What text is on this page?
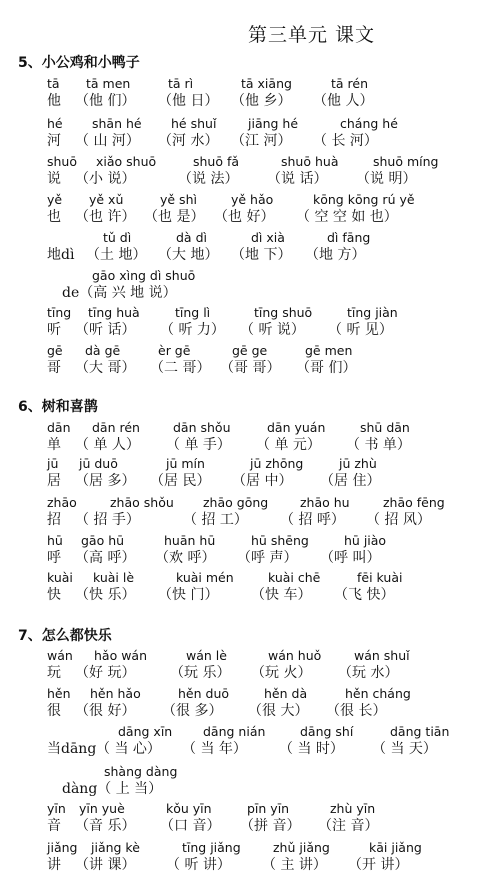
第三单元 课文
5、小公鸡和小鸭子
6、树和喜鹊
7、怎么都快乐
tā
他
tā men
（他 们）
tā rì
（他 日）
tā xiāng
（他 乡）
tā rén
（他 人）
hé
河
shān hé
（ 山 河）
hé shuǐ
（河 水）
jiāng hé
（江 河）
cháng hé
（ 长 河）
shuō
说
xiǎo shuō
（小 说）
shuō fǎ
（说 法）
shuō huà
（说 话）
shuō míng
（说 明）
yě
也
yě xǔ
（也 许）
yě shì
（也 是）
yě hǎo
（也 好）
kōng kōng rú yě
（ 空 空 如 也）
地dì
tǔ dì
（土 地）
dà dì
（大 地）
dì xià
（地 下）
dì fāng
（地 方）
gāo xìng dì shuō
de（高 兴 地 说）
tīng
听
tīng huà
（听 话）
tīng lì
（ 听 力）
tīng shuō
（ 听 说）
tīng jiàn
（ 听 见）
gē
哥
dà gē
（大 哥）
èr gē
（二 哥）
gē ge
（哥 哥）
gē men
（哥 们）
dān
单
dān rén
（ 单 人）
dān shǒu
（ 单 手）
dān yuán
（ 单 元）
shū dān
（ 书 单）
jū
居
jū duō
（居 多）
jū mín
（居 民）
jū zhōng
（居 中）
jū zhù
（居 住）
zhāo
招
zhāo shǒu
（ 招 手）
zhāo gōng
（ 招 工）
zhāo hu
（ 招 呼）
zhāo fēng
（ 招 风）
hū
呼
gāo hū
（高 呼）
huān hū
（欢 呼）
hū shēng
（呼 声）
hū jiào
（呼 叫）
kuài
快
kuài lè
（快 乐）
kuài mén
（快 门）
kuài chē
（快 车）
fēi kuài
（飞 快）
wán
玩
hǎo wán
（好 玩）
wán lè
（玩 乐）
wán huǒ
（玩 火）
wán shuǐ
（玩 水）
hěn
很
hěn hǎo
（很 好）
hěn duō
（很 多）
hěn dà
（很 大）
hěn cháng
（很 长）
当dāng
dāng xīn
（ 当 心）
dāng nián
（ 当 年）
dāng shí
（ 当 时）
dāng tiān
（ 当 天）
shàng dàng
dàng（ 上 当）
yīn
音
yīn yuè
（音 乐）
kǒu yīn
（口 音）
pīn yīn
（拼 音）
zhù yīn
（注 音）
jiǎng
讲
jiǎng kè
（讲 课）
tīng jiǎng
（ 听 讲）
zhǔ jiǎng
（ 主 讲）
kāi jiǎng
（开 讲）
